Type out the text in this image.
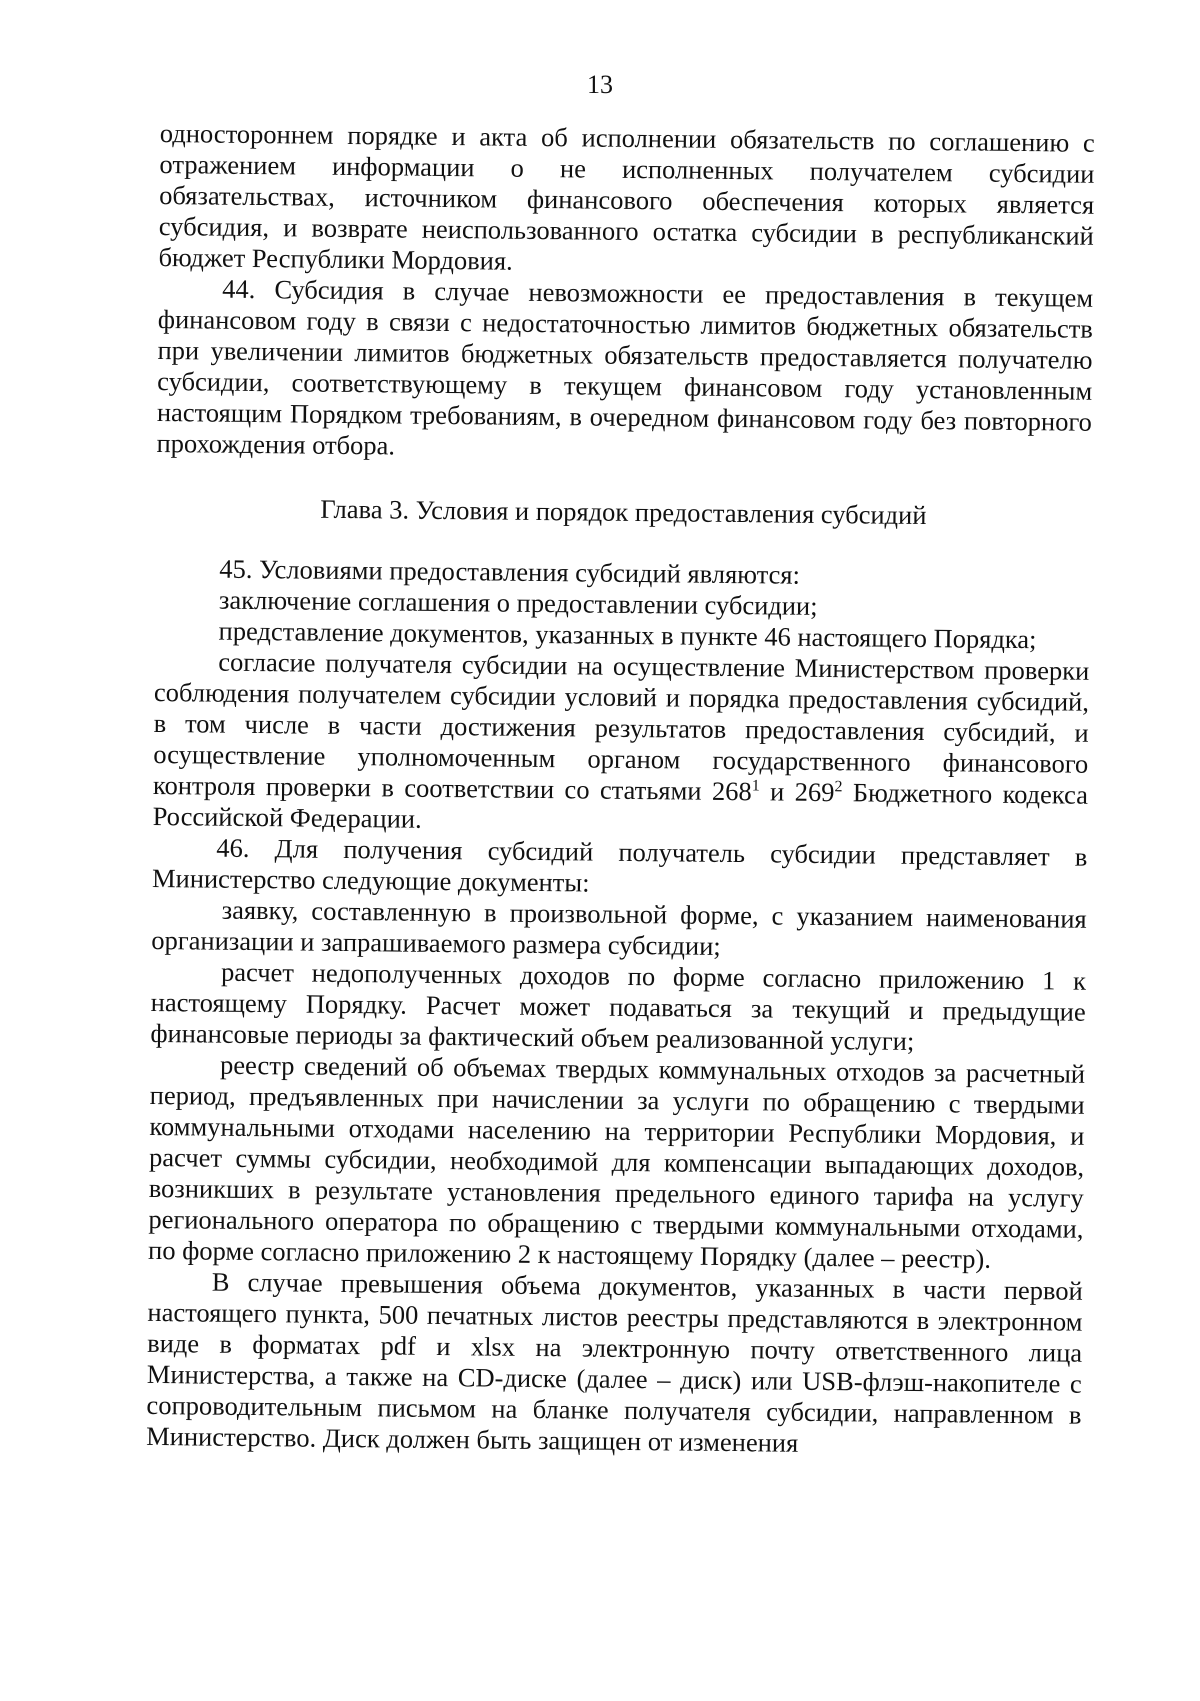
13

одностороннем порядке и акта об исполнении обязательств по соглашению с отражением информации о не исполненных получателем субсидии обязательствах, источником финансового обеспечения которых является субсидия, и возврате неиспользованного остатка субсидии в республиканский бюджет Республики Мордовия.

44. Субсидия в случае невозможности ее предоставления в текущем финансовом году в связи с недостаточностью лимитов бюджетных обязательств при увеличении лимитов бюджетных обязательств предоставляется получателю субсидии, соответствующему в текущем финансовом году установленным настоящим Порядком требованиям, в очередном финансовом году без повторного прохождения отбора.

Глава 3. Условия и порядок предоставления субсидий

45. Условиями предоставления субсидий являются:

заключение соглашения о предоставлении субсидии;

представление документов, указанных в пункте 46 настоящего Порядка;

согласие получателя субсидии на осуществление Министерством проверки соблюдения получателем субсидии условий и порядка предоставления субсидий, в том числе в части достижения результатов предоставления субсидий, и осуществление уполномоченным органом государственного финансового контроля проверки в соответствии со статьями $268^1$ и $269^2$ Бюджетного кодекса Российской Федерации.

46. Для получения субсидий получатель субсидии представляет в Министерство следующие документы:

заявку, составленную в произвольной форме, с указанием наименования организации и запрашиваемого размера субсидии;

расчет недополученных доходов по форме согласно приложению 1 к настоящему Порядку. Расчет может подаваться за текущий и предыдущие финансовые периоды за фактический объем реализованной услуги;

реестр сведений об объемах твердых коммунальных отходов за расчетный период, предъявленных при начислении за услуги по обращению с твердыми коммунальными отходами населению на территории Республики Мордовия, и расчет суммы субсидии, необходимой для компенсации выпадающих доходов, возникших в результате установления предельного единого тарифа на услугу регионального оператора по обращению с твердыми коммунальными отходами, по форме согласно приложению 2 к настоящему Порядку (далее – реестр).

В случае превышения объема документов, указанных в части первой настоящего пункта, 500 печатных листов реестры представляются в электронном виде в форматах pdf и xlsx на электронную почту ответственного лица Министерства, а также на CD-диске (далее – диск) или USB-флэш-накопителе с сопроводительным письмом на бланке получателя субсидии, направленном в Министерство. Диск должен быть защищен от изменения
